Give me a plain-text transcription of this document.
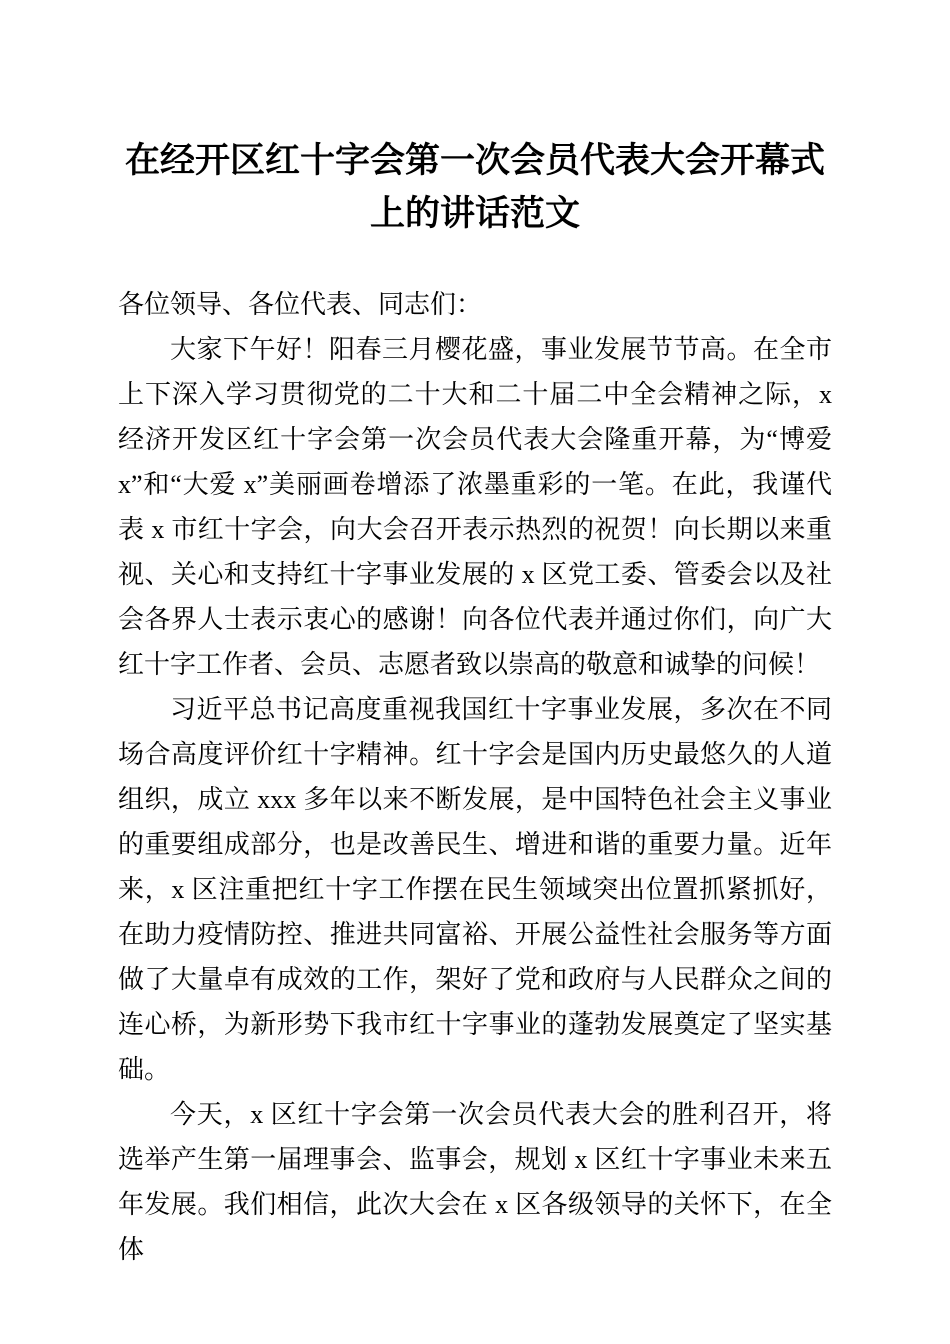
在经开区红十字会第一次会员代表大会开幕式上的讲话范文

各位领导、各位代表、同志们：

大家下午好！阳春三月樱花盛，事业发展节节高。在全市上下深入学习贯彻党的二十大和二十届二中全会精神之际，x 经济开发区红十字会第一次会员代表大会隆重开幕，为“博爱 x”和“大爱 x”美丽画卷增添了浓墨重彩的一笔。在此，我谨代表 x 市红十字会，向大会召开表示热烈的祝贺！向长期以来重视、关心和支持红十字事业发展的 x 区党工委、管委会以及社会各界人士表示衷心的感谢！向各位代表并通过你们，向广大红十字工作者、会员、志愿者致以崇高的敬意和诚挚的问候！

习近平总书记高度重视我国红十字事业发展，多次在不同场合高度评价红十字精神。红十字会是国内历史最悠久的人道组织，成立 xxx 多年以来不断发展，是中国特色社会主义事业的重要组成部分，也是改善民生、增进和谐的重要力量。近年来，x 区注重把红十字工作摆在民生领域突出位置抓紧抓好，在助力疫情防控、推进共同富裕、开展公益性社会服务等方面做了大量卓有成效的工作，架好了党和政府与人民群众之间的连心桥，为新形势下我市红十字事业的蓬勃发展奠定了坚实基础。

今天，x 区红十字会第一次会员代表大会的胜利召开，将选举产生第一届理事会、监事会，规划 x 区红十字事业未来五年发展。我们相信，此次大会在 x 区各级领导的关怀下，在全体
